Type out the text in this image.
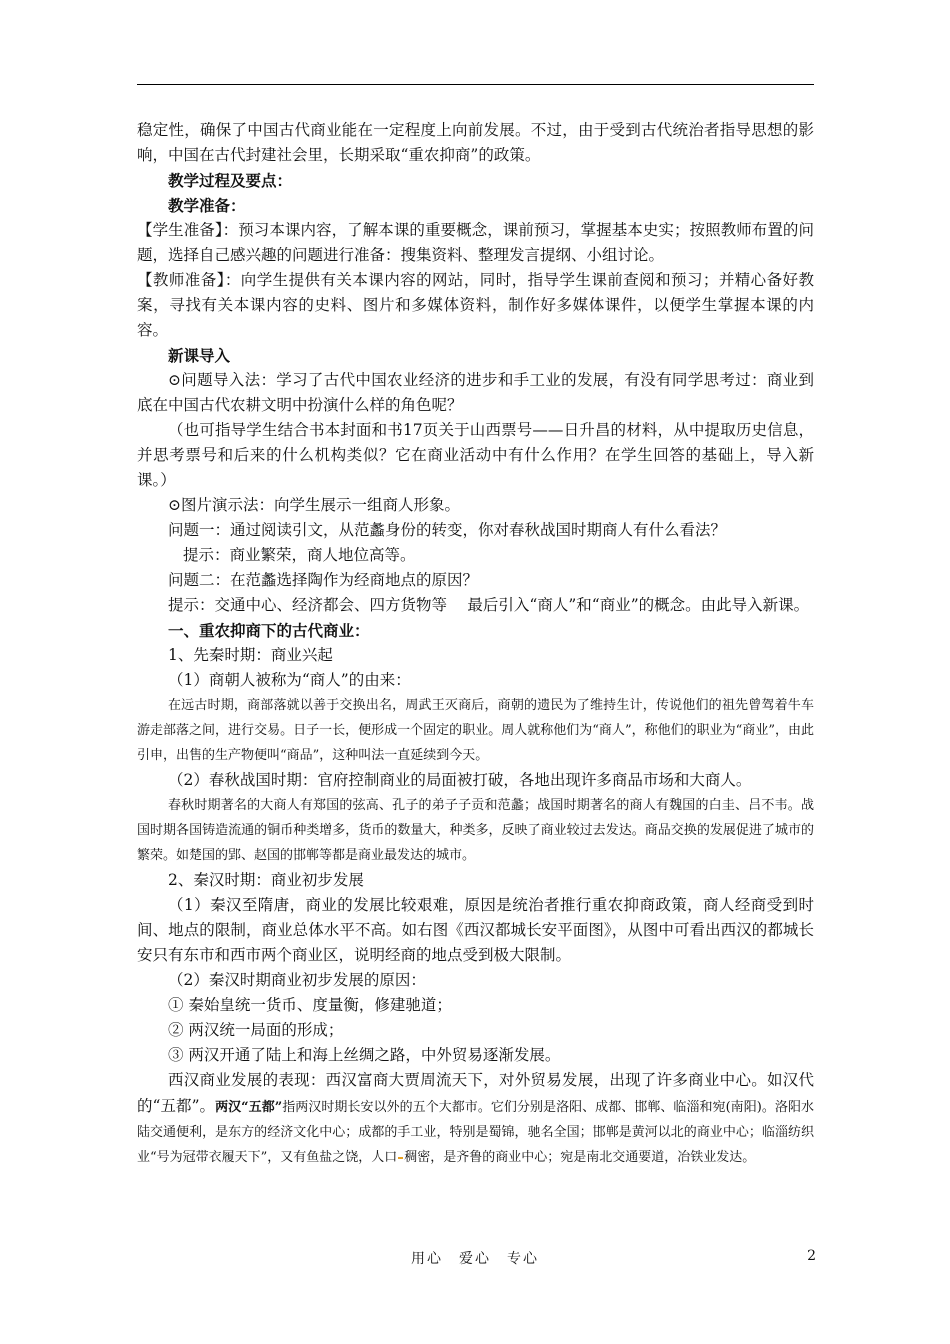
稳定性，确保了中国古代商业能在一定程度上向前发展。不过，由于受到古代统治者指导思想的影响，中国在古代封建社会里，长期采取“重农抑商”的政策。

教学过程及要点：

教学准备：

【学生准备】：预习本课内容，了解本课的重要概念，课前预习，掌握基本史实；按照教师布置的问题，选择自己感兴趣的问题进行准备：搜集资料、整理发言提纲、小组讨论。

【教师准备】：向学生提供有关本课内容的网站，同时，指导学生课前查阅和预习；并精心备好教案，寻找有关本课内容的史料、图片和多媒体资料，制作好多媒体课件，以便学生掌握本课的内容。

新课导入

⊙问题导入法：学习了古代中国农业经济的进步和手工业的发展，有没有同学思考过：商业到底在中国古代农耕文明中扮演什么样的角色呢？

（也可指导学生结合书本封面和书17页关于山西票号——日升昌的材料，从中提取历史信息，并思考票号和后来的什么机构类似？它在商业活动中有什么作用？在学生回答的基础上，导入新课。）

⊙图片演示法：向学生展示一组商人形象。

问题一：通过阅读引文，从范蠡身份的转变，你对春秋战国时期商人有什么看法？

提示：商业繁荣，商人地位高等。

问题二：在范蠡选择陶作为经商地点的原因？

提示：交通中心、经济都会、四方货物等　 最后引入“商人”和“商业”的概念。由此导入新课。

一、重农抑商下的古代商业：

1、先秦时期：商业兴起

（1）商朝人被称为“商人”的由来：

在远古时期，商部落就以善于交换出名，周武王灭商后，商朝的遗民为了维持生计，传说他们的祖先曾驾着牛车游走部落之间，进行交易。日子一长，便形成一个固定的职业。周人就称他们为“商人”，称他们的职业为“商业”，由此引申，出售的生产物便叫“商品”，这种叫法一直延续到今天。

（2）春秋战国时期：官府控制商业的局面被打破，各地出现许多商品市场和大商人。

春秋时期著名的大商人有郑国的弦高、孔子的弟子子贡和范蠡；战国时期著名的商人有魏国的白圭、吕不韦。战国时期各国铸造流通的铜币种类增多，货币的数量大，种类多，反映了商业较过去发达。商品交换的发展促进了城市的繁荣。如楚国的郢、赵国的邯郸等都是商业最发达的城市。

2、秦汉时期：商业初步发展

（1）秦汉至隋唐，商业的发展比较艰难，原因是统治者推行重农抑商政策，商人经商受到时间、地点的限制，商业总体水平不高。如右图《西汉都城长安平面图》，从图中可看出西汉的都城长安只有东市和西市两个商业区，说明经商的地点受到极大限制。

（2）秦汉时期商业初步发展的原因：

① 秦始皇统一货币、度量衡，修建驰道；

② 两汉统一局面的形成；

③ 两汉开通了陆上和海上丝绸之路，中外贸易逐渐发展。

西汉商业发展的表现：西汉富商大贾周流天下，对外贸易发展，出现了许多商业中心。如汉代的“五都”。两汉“五都”指两汉时期长安以外的五个大都市。它们分别是洛阳、成都、邯郸、临淄和宛(南阳)。洛阳水陆交通便利，是东方的经济文化中心；成都的手工业，特别是蜀锦，驰名全国；邯郸是黄河以北的商业中心；临淄纺织业“号为冠带衣履天下”，又有鱼盐之饶，人口 稠密，是齐鲁的商业中心；宛是南北交通要道，冶铁业发达。

用心　爱心　专心	2
